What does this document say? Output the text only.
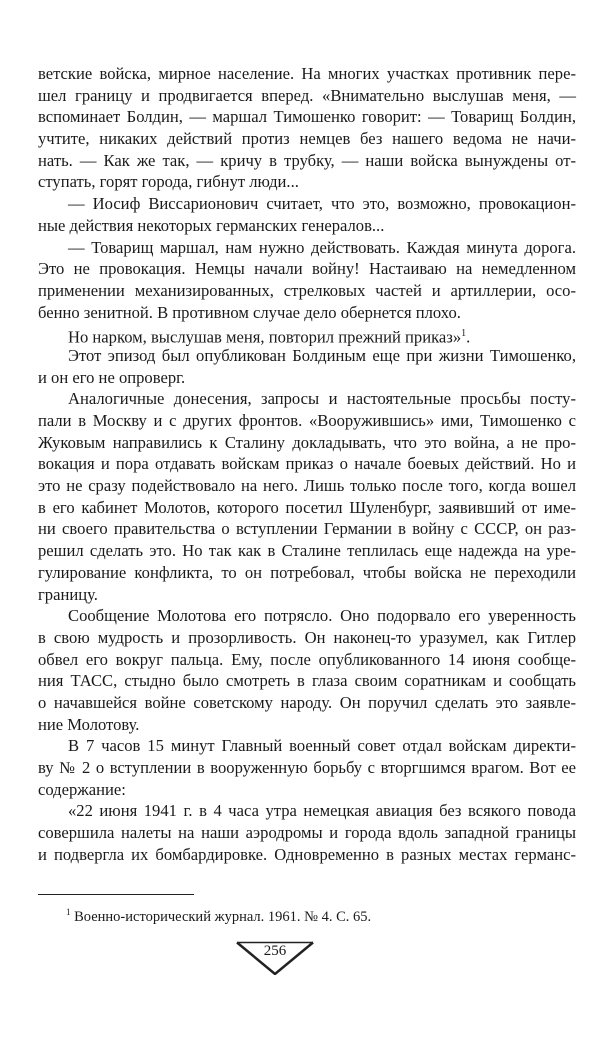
ветские войска, мирное население. На многих участках противник пере-
шел границу и продвигается вперед. «Внимательно выслушав меня, —
вспоминает Болдин, — маршал Тимошенко говорит: — Товарищ Болдин,
учтите, никаких действий протиз немцев без нашего ведома не начи-
нать. — Как же так, — кричу в трубку, — наши войска вынуждены от-
ступать, горят города, гибнут люди...
— Иосиф Виссарионович считает, что это, возможно, провокацион-
ные действия некоторых германских генералов...
— Товарищ маршал, нам нужно действовать. Каждая минута дорога.
Это не провокация. Немцы начали войну! Настаиваю на немедленном
применении механизированных, стрелковых частей и артиллерии, осо-
бенно зенитной. В противном случае дело обернется плохо.
Но нарком, выслушав меня, повторил прежний приказ»$^1$.
Этот эпизод был опубликован Болдиным еще при жизни Тимошенко,
и он его не опроверг.
Аналогичные донесения, запросы и настоятельные просьбы посту-
пали в Москву и с других фронтов. «Вооружившись» ими, Тимошенко с
Жуковым направились к Сталину докладывать, что это война, а не про-
вокация и пора отдавать войскам приказ о начале боевых действий. Но и
это не сразу подействовало на него. Лишь только после того, когда вошел
в его кабинет Молотов, которого посетил Шуленбург, заявивший от име-
ни своего правительства о вступлении Германии в войну с СССР, он раз-
решил сделать это. Но так как в Сталине теплилась еще надежда на уре-
гулирование конфликта, то он потребовал, чтобы войска не переходили
границу.
Сообщение Молотова его потрясло. Оно подорвало его уверенность
в свою мудрость и прозорливость. Он наконец-то уразумел, как Гитлер
обвел его вокруг пальца. Ему, после опубликованного 14 июня сообще-
ния ТАСС, стыдно было смотреть в глаза своим соратникам и сообщать
о начавшейся войне советскому народу. Он поручил сделать это заявле-
ние Молотову.
В 7 часов 15 минут Главный военный совет отдал войскам директи-
ву № 2 о вступлении в вооруженную борьбу с вторгшимся врагом. Вот ее
содержание:
«22 июня 1941 г. в 4 часа утра немецкая авиация без всякого повода
совершила налеты на наши аэродромы и города вдоль западной границы
и подвергла их бомбардировке. Одновременно в разных местах германс-
$^1$ Военно-исторический журнал. 1961. № 4. С. 65.
256
